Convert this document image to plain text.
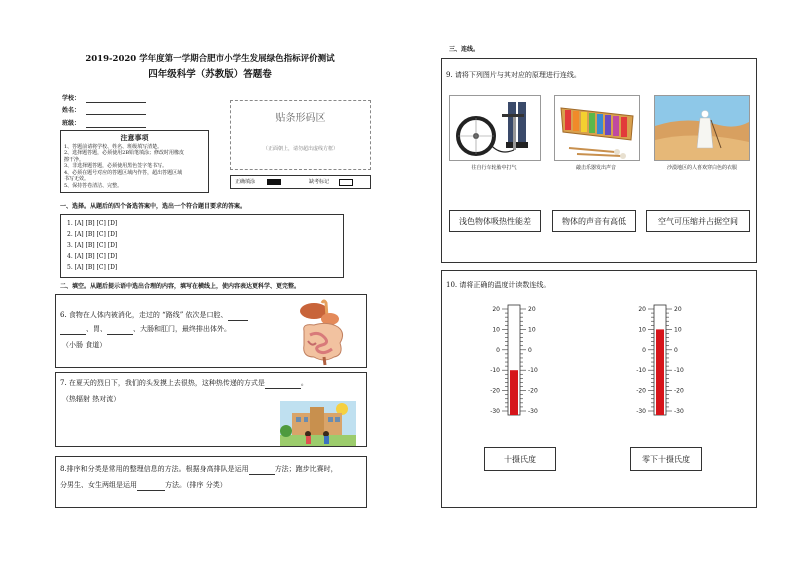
2019-2020 学年度第一学期合肥市小学生发展绿色指标评价测试
四年级科学（苏教版）答题卷
学校：
姓名：
班级：
注意事项
1、答题前请将学校、姓名、班级填写清楚。
2、选择题答题，必须使用2B铅笔填涂；修改时用橡皮
擦干净。
3、非选择题答题，必须使用黑色签字笔书写。
4、必须在题号对应的答题区域内作答，超出答题区域
书写无效。
5、保持答卷清洁、完整。
贴条形码区
（正面朝上，请勿超出虚线方框）
正确填涂	缺考标记
一、选择。从题后的四个备选答案中，选出一个符合题目要求的答案。
1. [A] [B] [C] [D]
2. [A] [B] [C] [D]
3. [A] [B] [C] [D]
4. [A] [B] [C] [D]
5. [A] [B] [C] [D]
二、填空。从题后提示语中选出合理的内容，填写在横线上，使内容表达更科学、更完整。
6. 食物在人体内被消化，走过的 “路线” 依次是口腔、
、胃、	、大肠和肛门，最终排出体外。
（小肠 食道）
7. 在夏天的烈日下，我们的头发摸上去很热，这种热传递的方式是	。
（热辐射 热对流）
8.排序和分类是常用的整理信息的方法。根据身高排队是运用	方法；跑步比赛时，
分男生、女生两组是运用	方法。（排序 分类）
三、连线。
9. 请将下列图片与其对应的原理进行连线。
往自行车轮胎中打气	敲击乐器发出声音	沙漠地区的人喜欢穿白色的衣服
浅色物体吸热性能差	物体的声音有高低	空气可压缩并占据空间
10. 请将正确的温度计读数连线。
20	20
10	10
0	0
-10	-10
-20	-20
-30	-30
20	20
10	10
0	0
-10	-10
-20	-20
-30	-30
十摄氏度	零下十摄氏度
